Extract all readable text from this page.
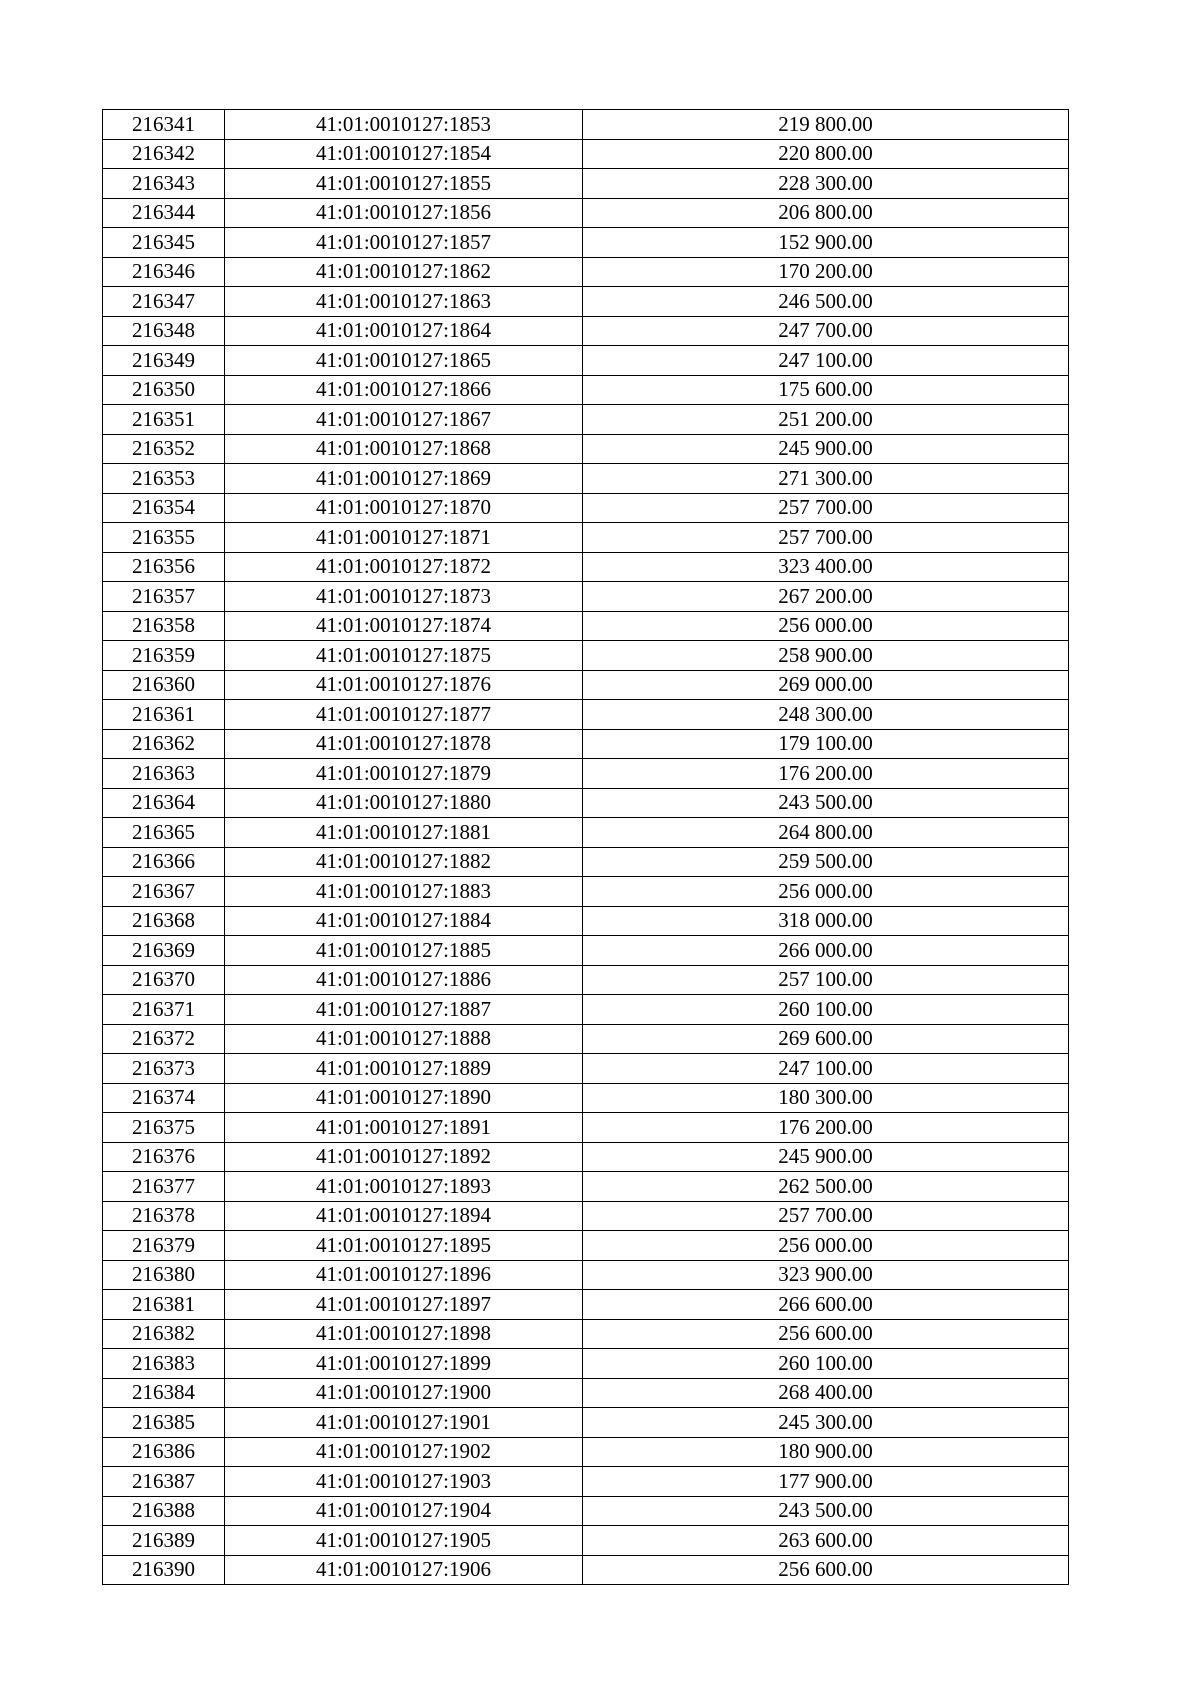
216341	41:01:0010127:1853	219 800.00
216342	41:01:0010127:1854	220 800.00
216343	41:01:0010127:1855	228 300.00
216344	41:01:0010127:1856	206 800.00
216345	41:01:0010127:1857	152 900.00
216346	41:01:0010127:1862	170 200.00
216347	41:01:0010127:1863	246 500.00
216348	41:01:0010127:1864	247 700.00
216349	41:01:0010127:1865	247 100.00
216350	41:01:0010127:1866	175 600.00
216351	41:01:0010127:1867	251 200.00
216352	41:01:0010127:1868	245 900.00
216353	41:01:0010127:1869	271 300.00
216354	41:01:0010127:1870	257 700.00
216355	41:01:0010127:1871	257 700.00
216356	41:01:0010127:1872	323 400.00
216357	41:01:0010127:1873	267 200.00
216358	41:01:0010127:1874	256 000.00
216359	41:01:0010127:1875	258 900.00
216360	41:01:0010127:1876	269 000.00
216361	41:01:0010127:1877	248 300.00
216362	41:01:0010127:1878	179 100.00
216363	41:01:0010127:1879	176 200.00
216364	41:01:0010127:1880	243 500.00
216365	41:01:0010127:1881	264 800.00
216366	41:01:0010127:1882	259 500.00
216367	41:01:0010127:1883	256 000.00
216368	41:01:0010127:1884	318 000.00
216369	41:01:0010127:1885	266 000.00
216370	41:01:0010127:1886	257 100.00
216371	41:01:0010127:1887	260 100.00
216372	41:01:0010127:1888	269 600.00
216373	41:01:0010127:1889	247 100.00
216374	41:01:0010127:1890	180 300.00
216375	41:01:0010127:1891	176 200.00
216376	41:01:0010127:1892	245 900.00
216377	41:01:0010127:1893	262 500.00
216378	41:01:0010127:1894	257 700.00
216379	41:01:0010127:1895	256 000.00
216380	41:01:0010127:1896	323 900.00
216381	41:01:0010127:1897	266 600.00
216382	41:01:0010127:1898	256 600.00
216383	41:01:0010127:1899	260 100.00
216384	41:01:0010127:1900	268 400.00
216385	41:01:0010127:1901	245 300.00
216386	41:01:0010127:1902	180 900.00
216387	41:01:0010127:1903	177 900.00
216388	41:01:0010127:1904	243 500.00
216389	41:01:0010127:1905	263 600.00
216390	41:01:0010127:1906	256 600.00
